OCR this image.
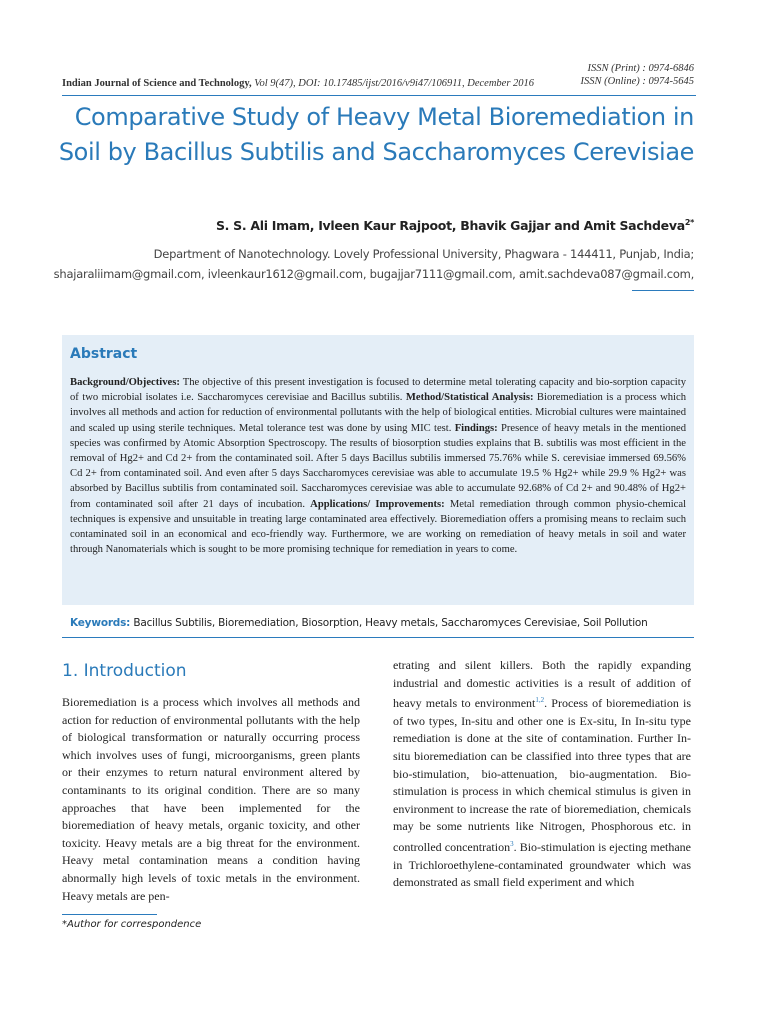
ISSN (Print) : 0974-6846
ISSN (Online) : 0974-5645
Indian Journal of Science and Technology, Vol 9(47), DOI: 10.17485/ijst/2016/v9i47/106911, December 2016
Comparative Study of Heavy Metal Bioremediation in Soil by Bacillus Subtilis and Saccharomyces Cerevisiae
S. S. Ali Imam, Ivleen Kaur Rajpoot, Bhavik Gajjar and Amit Sachdeva$^{2*}$
Department of Nanotechnology. Lovely Professional University, Phagwara - 144411, Punjab, India;
shajaraliimam@gmail.com, ivleenkaur1612@gmail.com, bugajjar7111@gmail.com, amit.sachdeva087@gmail.com,
Abstract
Background/Objectives: The objective of this present investigation is focused to determine metal tolerating capacity and bio-sorption capacity of two microbial isolates i.e. Saccharomyces cerevisiae and Bacillus subtilis. Method/Statistical Analysis: Bioremediation is a process which involves all methods and action for reduction of environmental pollutants with the help of biological entities. Microbial cultures were maintained and scaled up using sterile techniques. Metal tolerance test was done by using MIC test. Findings: Presence of heavy metals in the mentioned species was confirmed by Atomic Absorption Spectroscopy. The results of biosorption studies explains that B. subtilis was most efficient in the removal of Hg2+ and Cd 2+ from the contaminated soil. After 5 days Bacillus subtilis immersed 75.76% while S. cerevisiae immersed 69.56% Cd 2+ from contaminated soil. And even after 5 days Saccharomyces cerevisiae was able to accumulate 19.5 % Hg2+ while 29.9 % Hg2+ was absorbed by Bacillus subtilis from contaminated soil. Saccharomyces cerevisiae was able to accumulate 92.68% of Cd 2+ and 90.48% of Hg2+ from contaminated soil after 21 days of incubation. Applications/ Improvements: Metal remediation through common physio-chemical techniques is expensive and unsuitable in treating large contaminated area effectively. Bioremediation offers a promising means to reclaim such contaminated soil in an economical and eco-friendly way. Furthermore, we are working on remediation of heavy metals in soil and water through Nanomaterials which is sought to be more promising technique for remediation in years to come.
Keywords: Bacillus Subtilis, Bioremediation, Biosorption, Heavy metals, Saccharomyces Cerevisiae, Soil Pollution
1. Introduction
Bioremediation is a process which involves all methods and action for reduction of environmental pollutants with the help of biological transformation or naturally occurring process which involves uses of fungi, microorganisms, green plants or their enzymes to return natural environment altered by contaminants to its original condition. There are so many approaches that have been implemented for the bioremediation of heavy metals, organic toxicity, and other toxicity. Heavy metals are a big threat for the environment. Heavy metal contamination means a condition having abnormally high levels of toxic metals in the environment. Heavy metals are pen-
etrating and silent killers. Both the rapidly expanding industrial and domestic activities is a result of addition of heavy metals to environment$^{1,2}$. Process of bioremediation is of two types, In-situ and other one is Ex-situ, In In-situ type remediation is done at the site of contamination. Further In-situ bioremediation can be classified into three types that are bio-stimulation, bio-attenuation, bio-augmentation. Bio-stimulation is process in which chemical stimulus is given in environment to increase the rate of bioremediation, chemicals may be some nutrients like Nitrogen, Phosphorous etc. in controlled concentration$^3$. Bio-stimulation is ejecting methane in Trichloroethylene-contaminated groundwater which was demonstrated as small field experiment and which
*Author for correspondence
